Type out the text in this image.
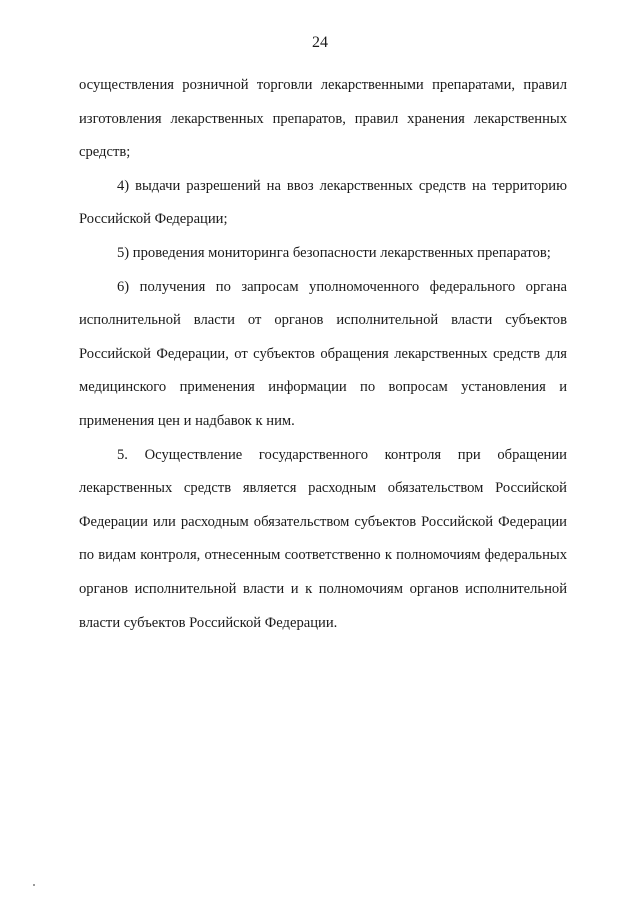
24

осуществления розничной торговли лекарственными препаратами, правил изготовления лекарственных препаратов, правил хранения лекарственных средств;

4) выдачи разрешений на ввоз лекарственных средств на территорию Российской Федерации;

5) проведения мониторинга безопасности лекарственных препаратов;

6) получения по запросам уполномоченного федерального органа исполнительной власти от органов исполнительной власти субъектов Российской Федерации, от субъектов обращения лекарственных средств для медицинского применения информации по вопросам установления и применения цен и надбавок к ним.

5. Осуществление государственного контроля при обращении лекарственных средств является расходным обязательством Российской Федерации или расходным обязательством субъектов Российской Федерации по видам контроля, отнесенным соответственно к полномочиям федеральных органов исполнительной власти и к полномочиям органов исполнительной власти субъектов Российской Федерации.
